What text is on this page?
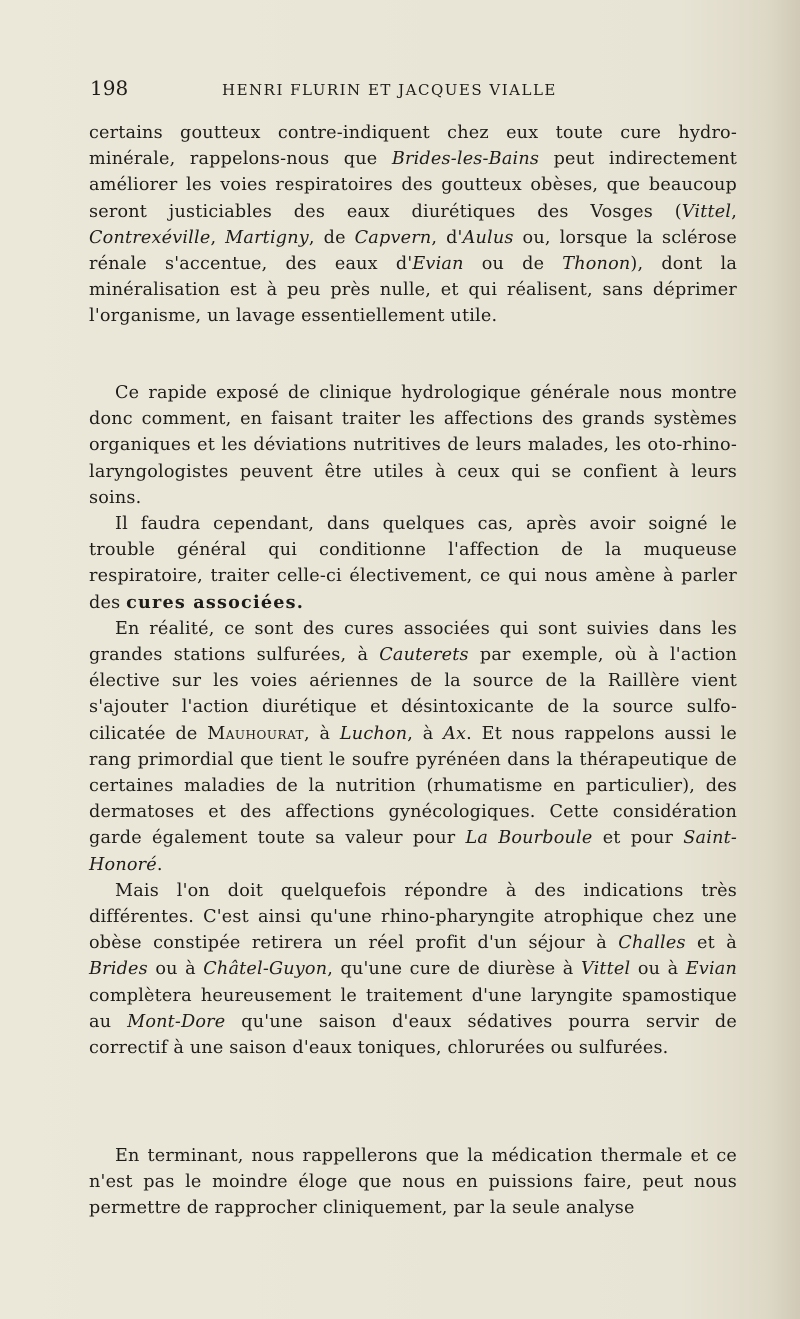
198	HENRI FLURIN ET JACQUES VIALLE

certains goutteux contre-indiquent chez eux toute cure hydro-minérale, rappelons-nous que Brides-les-Bains peut indirectement améliorer les voies respiratoires des goutteux obèses, que beaucoup seront justiciables des eaux diurétiques des Vosges (Vittel, Contrexéville, Martigny, de Capvern, d'Aulus ou, lorsque la sclérose rénale s'accentue, des eaux d'Evian ou de Thonon), dont la minéralisation est à peu près nulle, et qui réalisent, sans déprimer l'organisme, un lavage essentiellement utile.

Ce rapide exposé de clinique hydrologique générale nous montre donc comment, en faisant traiter les affections des grands systèmes organiques et les déviations nutritives de leurs malades, les oto-rhino-laryngologistes peuvent être utiles à ceux qui se confient à leurs soins.

Il faudra cependant, dans quelques cas, après avoir soigné le trouble général qui conditionne l'affection de la muqueuse respiratoire, traiter celle-ci électivement, ce qui nous amène à parler des cures associées.

En réalité, ce sont des cures associées qui sont suivies dans les grandes stations sulfurées, à Cauterets par exemple, où à l'action élective sur les voies aériennes de la source de la Raillère vient s'ajouter l'action diurétique et désintoxicante de la source sulfo-cilicatée de Mauhourat, à Luchon, à Ax. Et nous rappelons aussi le rang primordial que tient le soufre pyrénéen dans la thérapeutique de certaines maladies de la nutrition (rhumatisme en particulier), des dermatoses et des affections gynécologiques. Cette considération garde également toute sa valeur pour La Bourboule et pour Saint-Honoré.

Mais l'on doit quelquefois répondre à des indications très différentes. C'est ainsi qu'une rhino-pharyngite atrophique chez une obèse constipée retirera un réel profit d'un séjour à Challes et à Brides ou à Châtel-Guyon, qu'une cure de diurèse à Vittel ou à Evian complètera heureusement le traitement d'une laryngite spamostique au Mont-Dore qu'une saison d'eaux sédatives pourra servir de correctif à une saison d'eaux toniques, chlorurées ou sulfurées.

En terminant, nous rappellerons que la médication thermale et ce n'est pas le moindre éloge que nous en puissions faire, peut nous permettre de rapprocher cliniquement, par la seule analyse
